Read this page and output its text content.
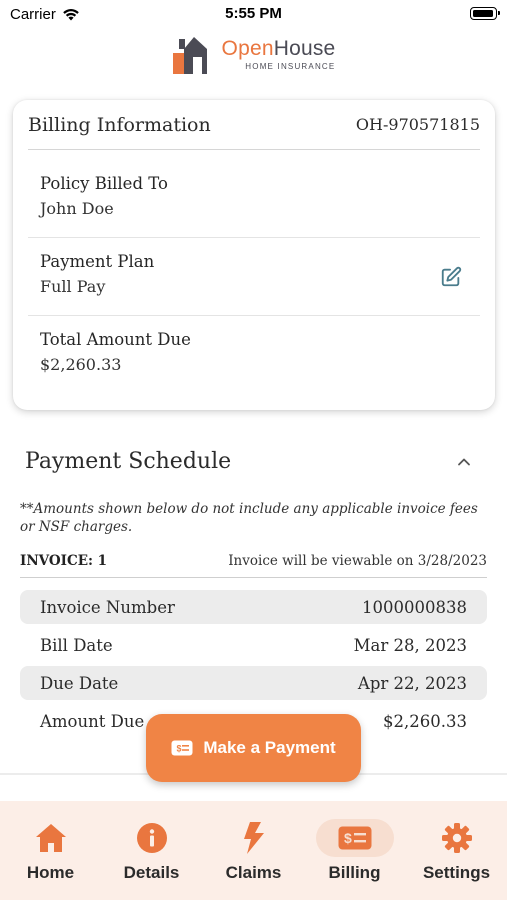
Carrier	5:55 PM
OpenHouse
HOME INSURANCE
Billing Information	OH-970571815
Policy Billed To
John Doe
Payment Plan
Full Pay
Total Amount Due
$2,260.33
Payment Schedule
**Amounts shown below do not include any applicable invoice fees or NSF charges.
INVOICE: 1	Invoice will be viewable on 3/28/2023
Invoice Number	1000000838
Bill Date	Mar 28, 2023
Due Date	Apr 22, 2023
Amount Due	$2,260.33
$ Make a Payment
Home	Details	Claims
$
Billing	Settings
